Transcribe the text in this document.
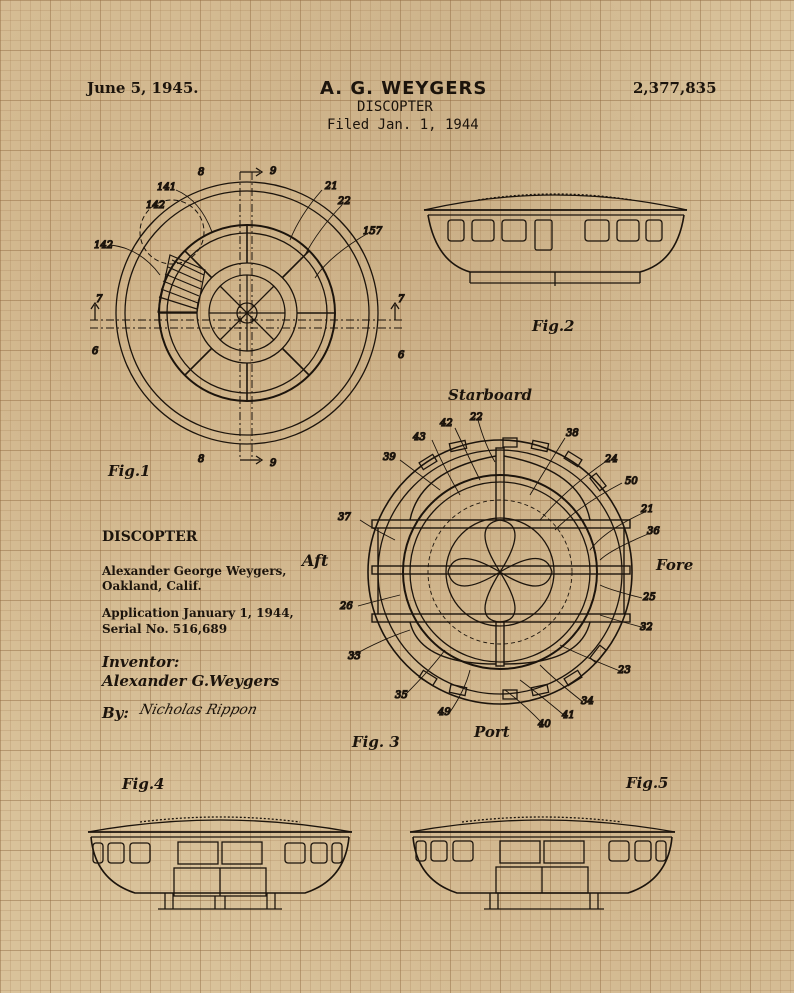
June 5, 1945.	A. G. WEYGERS
DISCOPTER
Filed Jan. 1, 1944
2,377,835
DISCOPTER
Alexander George Weygers,
Oakland, Calif.
Application January 1, 1944,
Serial No. 516,689
Inventor:
Alexander G.Weygers
By: Nicholas Rippon
Fig.1
Fig.2
Fig. 3
Fig.4	Fig.5
Starboard
Aft	Fore
Port
8	9
8	9
7
6
7
6
141
142
142
21
22
157
22
42
43	38
39	24
50
21
37
36
25
26
32
33
23
35
34
49	41
40
